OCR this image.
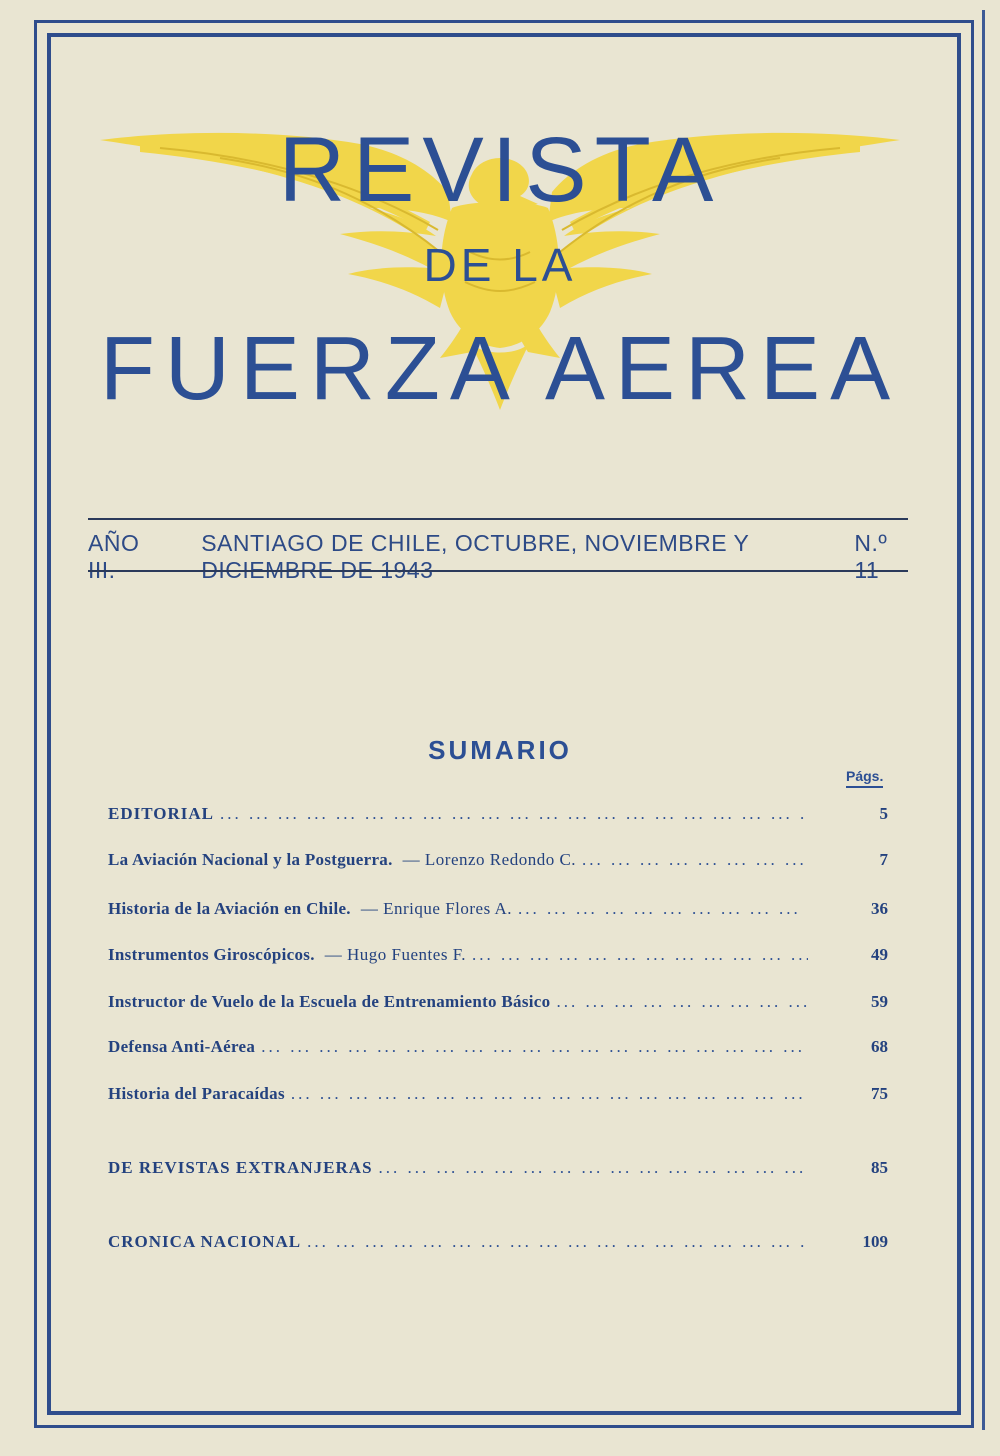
REVISTA
DE LA
FUERZA AEREA
AÑO III.
SANTIAGO DE CHILE, OCTUBRE, NOVIEMBRE Y DICIEMBRE DE 1943
N.º 11
SUMARIO
Págs.
EDITORIAL ... .	5
La Aviación Nacional y la Postguerra. — Lorenzo Redondo C. ... .	7
Historia de la Aviación en Chile. — Enrique Flores A. ... .	36
Instrumentos Giroscópicos. — Hugo Fuentes F. ... .	49
Instructor de Vuelo de la Escuela de Entrenamiento Básico ... .	59
Defensa Anti-Aérea ... .	68
Historia del Paracaídas ... .	75
DE REVISTAS EXTRANJERAS ... .	85
CRONICA NACIONAL ... .	109
